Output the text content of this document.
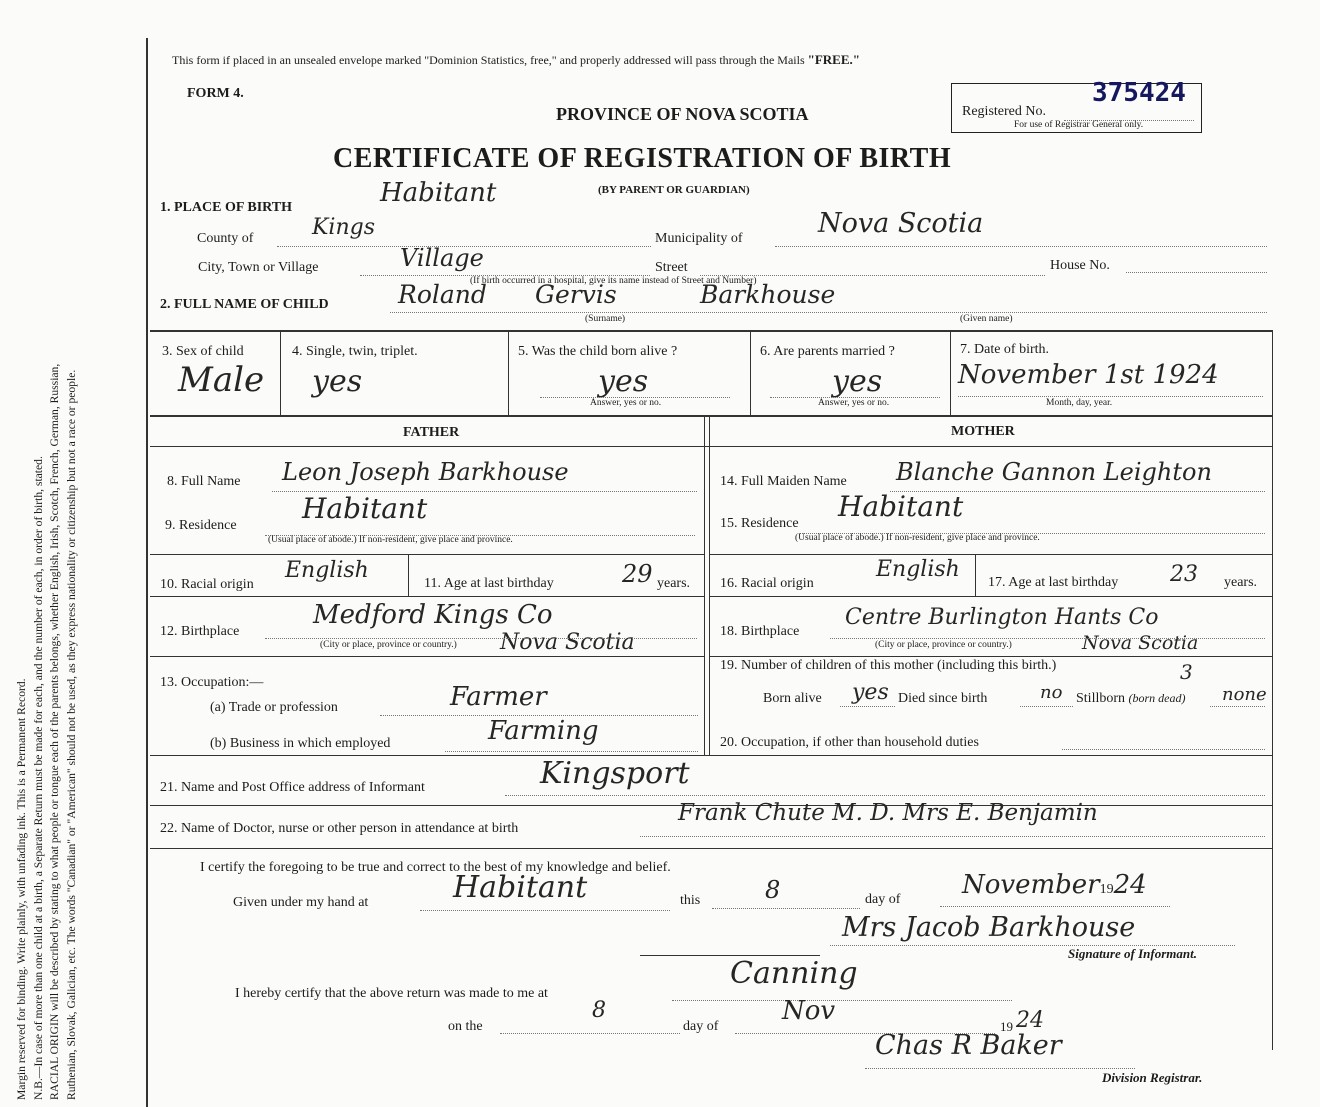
Margin reserved for binding. Write plainly, with unfading ink. This is a Permanent Record. N.B.—In case of more than one child at a birth, a Separate Return must be made for each, and the number of each, in order of birth, stated. RACIAL ORIGIN will be described by stating to what people or tongue each of the parents belongs, whether English, Irish, Scotch, French, German, Russian, Ruthenian, Slovak, Galician, etc. The words "Canadian" or "American" should not be used, as they express nationality or citizenship but not a race or people.
This form if placed in an unsealed envelope marked "Dominion Statistics, free," and properly addressed will pass through the Mails "FREE."
FORM 4.
PROVINCE OF NOVA SCOTIA
CERTIFICATE OF REGISTRATION OF BIRTH
(BY PARENT OR GUARDIAN)
Registered No.
375424
For use of Registrar General only.
1. PLACE OF BIRTH	Habitant
County of	Kings	Municipality of	Nova Scotia
City, Town or Village	Village	Street	House No.
(If birth occurred in a hospital, give its name instead of Street and Number)
2. FULL NAME OF CHILD	Roland Gervis	Barkhouse
(Surname)	(Given name)
3. Sex of child
Male
4. Single, twin, triplet.
yes
5. Was the child born alive ?
yes
Answer, yes or no.
6. Are parents married ?
yes
Answer, yes or no.
7. Date of birth.
November 1st 1924
Month, day, year.
FATHER	MOTHER
8. Full Name Leon Joseph Barkhouse
9. Residence
Habitant
(Usual place of abode.) If non-resident, give place and province.
10. Racial origin
English
11. Age at last birthday	29 years.
12. Birthplace
Medford Kings Co
Nova Scotia
(City or place, province or country.)
13. Occupation:—
(a) Trade or profession	Farmer
(b) Business in which employed	Farming
14. Full Maiden Name Blanche Gannon Leighton
15. Residence
Habitant
(Usual place of abode.) If non-resident, give place and province.
16. Racial origin
English
17. Age at last birthday 23 years.
18. Birthplace
Centre Burlington Hants Co
Nova Scotia
(City or place, province or country.)
19. Number of children of this mother (including this birth.)	3
Born alive yes Died since birth	no Stillborn (born dead) none
20. Occupation, if other than household duties
21. Name and Post Office address of Informant	Kingsport
22. Name of Doctor, nurse or other person in attendance at birth
Frank Chute M. D. Mrs E. Benjamin
I certify the foregoing to be true and correct to the best of my knowledge and belief.
Given under my hand at	Habitant	this	8	day of November1924
Mrs Jacob Barkhouse
Signature of Informant.
I hereby certify that the above return was made to me at
Canning
on the
8
day of
Nov
19 24
Chas R Baker
Division Registrar.
